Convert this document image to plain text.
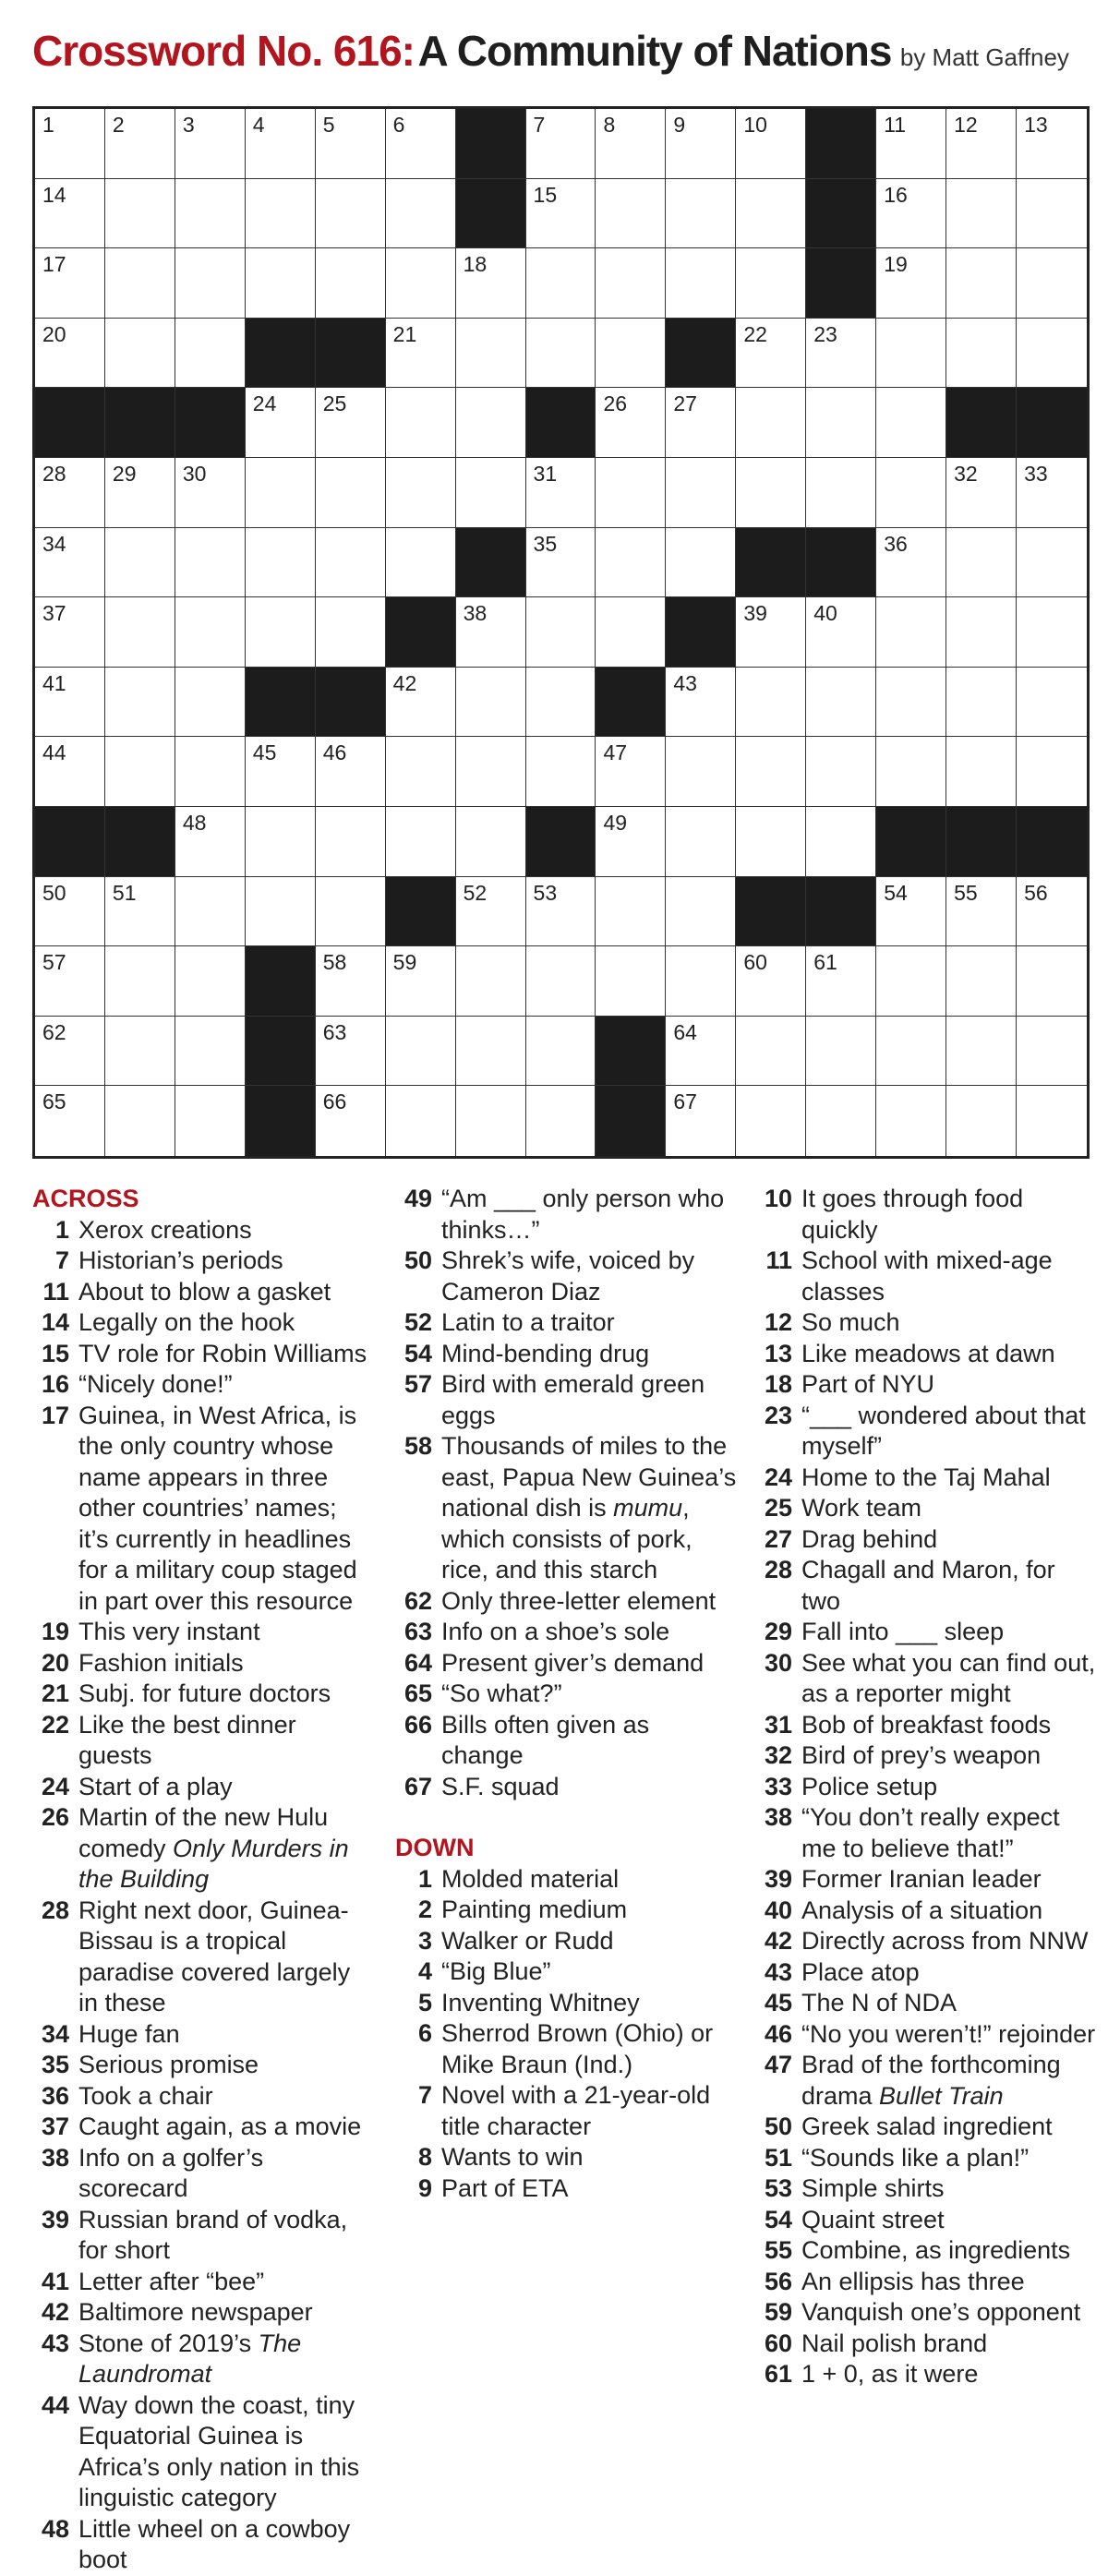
Crossword No. 616: A Community of Nations by Matt Gaffney
1	2	3	4	5	6	7	8	9	10	11 12 13
14	15	16
17	18	19
20	21	22 23
24 25	26 27
28 29 30	31	32 33
34	35	36
37	38	39 40
41	42	43
44	45 46	47
48	49
50 51	52 53	54 55 56
57	58 59	60 61
62	63	64
65	66	67
ACROSS
1 Xerox creations
7 Historian’s periods
11 About to blow a gasket
14 Legally on the hook
15 TV role for Robin Williams
16 “Nicely done!”
17 Guinea, in West Africa, is the only country whose name appears in three other countries’ names; it’s currently in headlines for a military coup staged in part over this resource
19 This very instant
20 Fashion initials
21 Subj. for future doctors
22 Like the best dinner guests
24 Start of a play
26 Martin of the new Hulu comedy Only Murders in the Building
28 Right next door, Guinea-Bissau is a tropical paradise covered largely in these
34 Huge fan
35 Serious promise
36 Took a chair
37 Caught again, as a movie
38 Info on a golfer’s scorecard
39 Russian brand of vodka, for short
41 Letter after “bee”
42 Baltimore newspaper
43 Stone of 2019’s The Laundromat
44 Way down the coast, tiny Equatorial Guinea is Africa’s only nation in this linguistic category
48 Little wheel on a cowboy boot
49 “Am ___ only person who thinks…”
50 Shrek’s wife, voiced by Cameron Diaz
52 Latin to a traitor
54 Mind-bending drug
57 Bird with emerald green eggs
58 Thousands of miles to the east, Papua New Guinea’s national dish is mumu, which consists of pork, rice, and this starch
62 Only three-letter element
63 Info on a shoe’s sole
64 Present giver’s demand
65 “So what?”
66 Bills often given as change
67 S.F. squad
DOWN
1 Molded material
2 Painting medium
3 Walker or Rudd
4 “Big Blue”
5 Inventing Whitney
6 Sherrod Brown (Ohio) or Mike Braun (Ind.)
7 Novel with a 21-year-old title character
8 Wants to win
9 Part of ETA
10 It goes through food quickly
11 School with mixed-age classes
12 So much
13 Like meadows at dawn
18 Part of NYU
23 “___ wondered about that myself”
24 Home to the Taj Mahal
25 Work team
27 Drag behind
28 Chagall and Maron, for two
29 Fall into ___ sleep
30 See what you can find out, as a reporter might
31 Bob of breakfast foods
32 Bird of prey’s weapon
33 Police setup
38 “You don’t really expect me to believe that!”
39 Former Iranian leader
40 Analysis of a situation
42 Directly across from NNW
43 Place atop
45 The N of NDA
46 “No you weren’t!” rejoinder
47 Brad of the forthcoming drama Bullet Train
50 Greek salad ingredient
51 “Sounds like a plan!”
53 Simple shirts
54 Quaint street
55 Combine, as ingredients
56 An ellipsis has three
59 Vanquish one’s opponent
60 Nail polish brand
61 1 + 0, as it were
